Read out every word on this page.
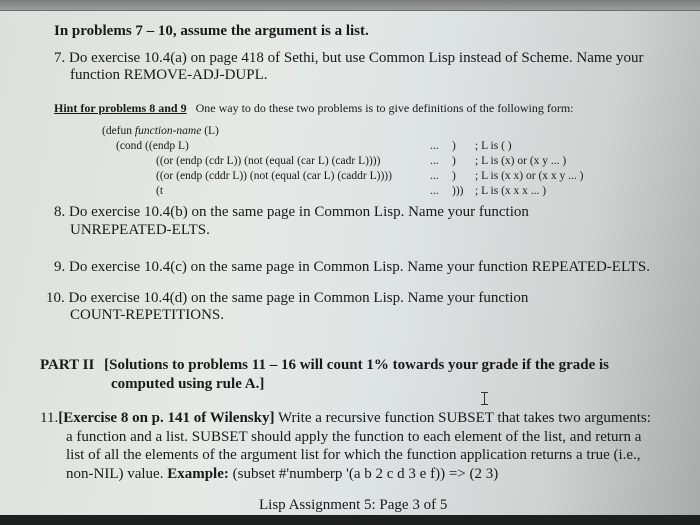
In problems 7 – 10, assume the argument is a list.
7. Do exercise 10.4(a) on page 418 of Sethi, but use Common Lisp instead of Scheme. Name your
function REMOVE-ADJ-DUPL.
Hint for problems 8 and 9 One way to do these two problems is to give definitions of the following form:
(defun function-name (L)
(cond ((endp L)	... ) ; L is ( )
((or (endp (cdr L)) (not (equal (car L) (cadr L))))	... ) ; L is (x) or (x y ... )
((or (endp (cddr L)) (not (equal (car L) (caddr L))))	... ) ; L is (x x) or (x x y ... )
(t	... ))) ; L is (x x x ... )
8. Do exercise 10.4(b) on the same page in Common Lisp. Name your function
UNREPEATED-ELTS.
9. Do exercise 10.4(c) on the same page in Common Lisp. Name your function REPEATED-ELTS.
10. Do exercise 10.4(d) on the same page in Common Lisp. Name your function
COUNT-REPETITIONS.
PART II [Solutions to problems 11 – 16 will count 1% towards your grade if the grade is
computed using rule A.]
11.[Exercise 8 on p. 141 of Wilensky] Write a recursive function SUBSET that takes two arguments:
a function and a list. SUBSET should apply the function to each element of the list, and return a
list of all the elements of the argument list for which the function application returns a true (i.e.,
non-NIL) value. Example: (subset #'numberp '(a b 2 c d 3 e f)) => (2 3)
Lisp Assignment 5: Page 3 of 5
